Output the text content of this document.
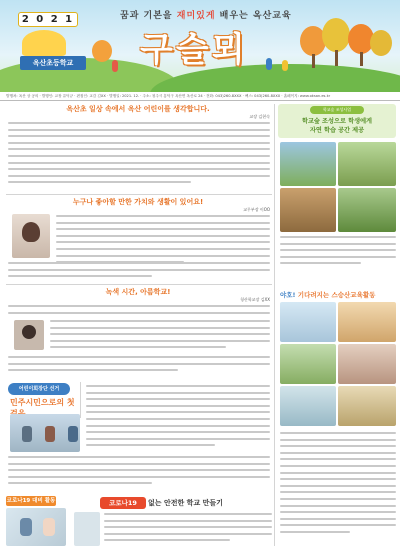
2 0 2 1
옥산초등학교
꿈과 기본을 재미있게 배우는 옥산교육
구슬뫼
발행처: 옥산 상 공의 · 발행인: 교장 유덕규 · 편집인: 교감 김XX · 발행일: 2021. 12. · 주소: 청주시 흥덕구 옥산면 옥산로 24 · 전화: 043)260-8XXX · 팩스: 043)260-8XXX · 홈페이지: www.oksan.es.kr
옥산초 일상 속에서 옥산 어린이를 생각합니다.
교장 김현숙
누구나 좋아할 만한 가치와 생활이 있어요!
교무부장 이OO
녹색 시간, 아름학교!
청산학교장 김XX
어린이회장단 선거
민주시민으로의 첫

코로나19 대비 활동
	코로나19	없는 안전한 학교 만들기
학교숲 조성사업
학교숲 조성으로 학생에게
자연 학습 공간 제공
야호! 기다려지는 스승산교육활동
